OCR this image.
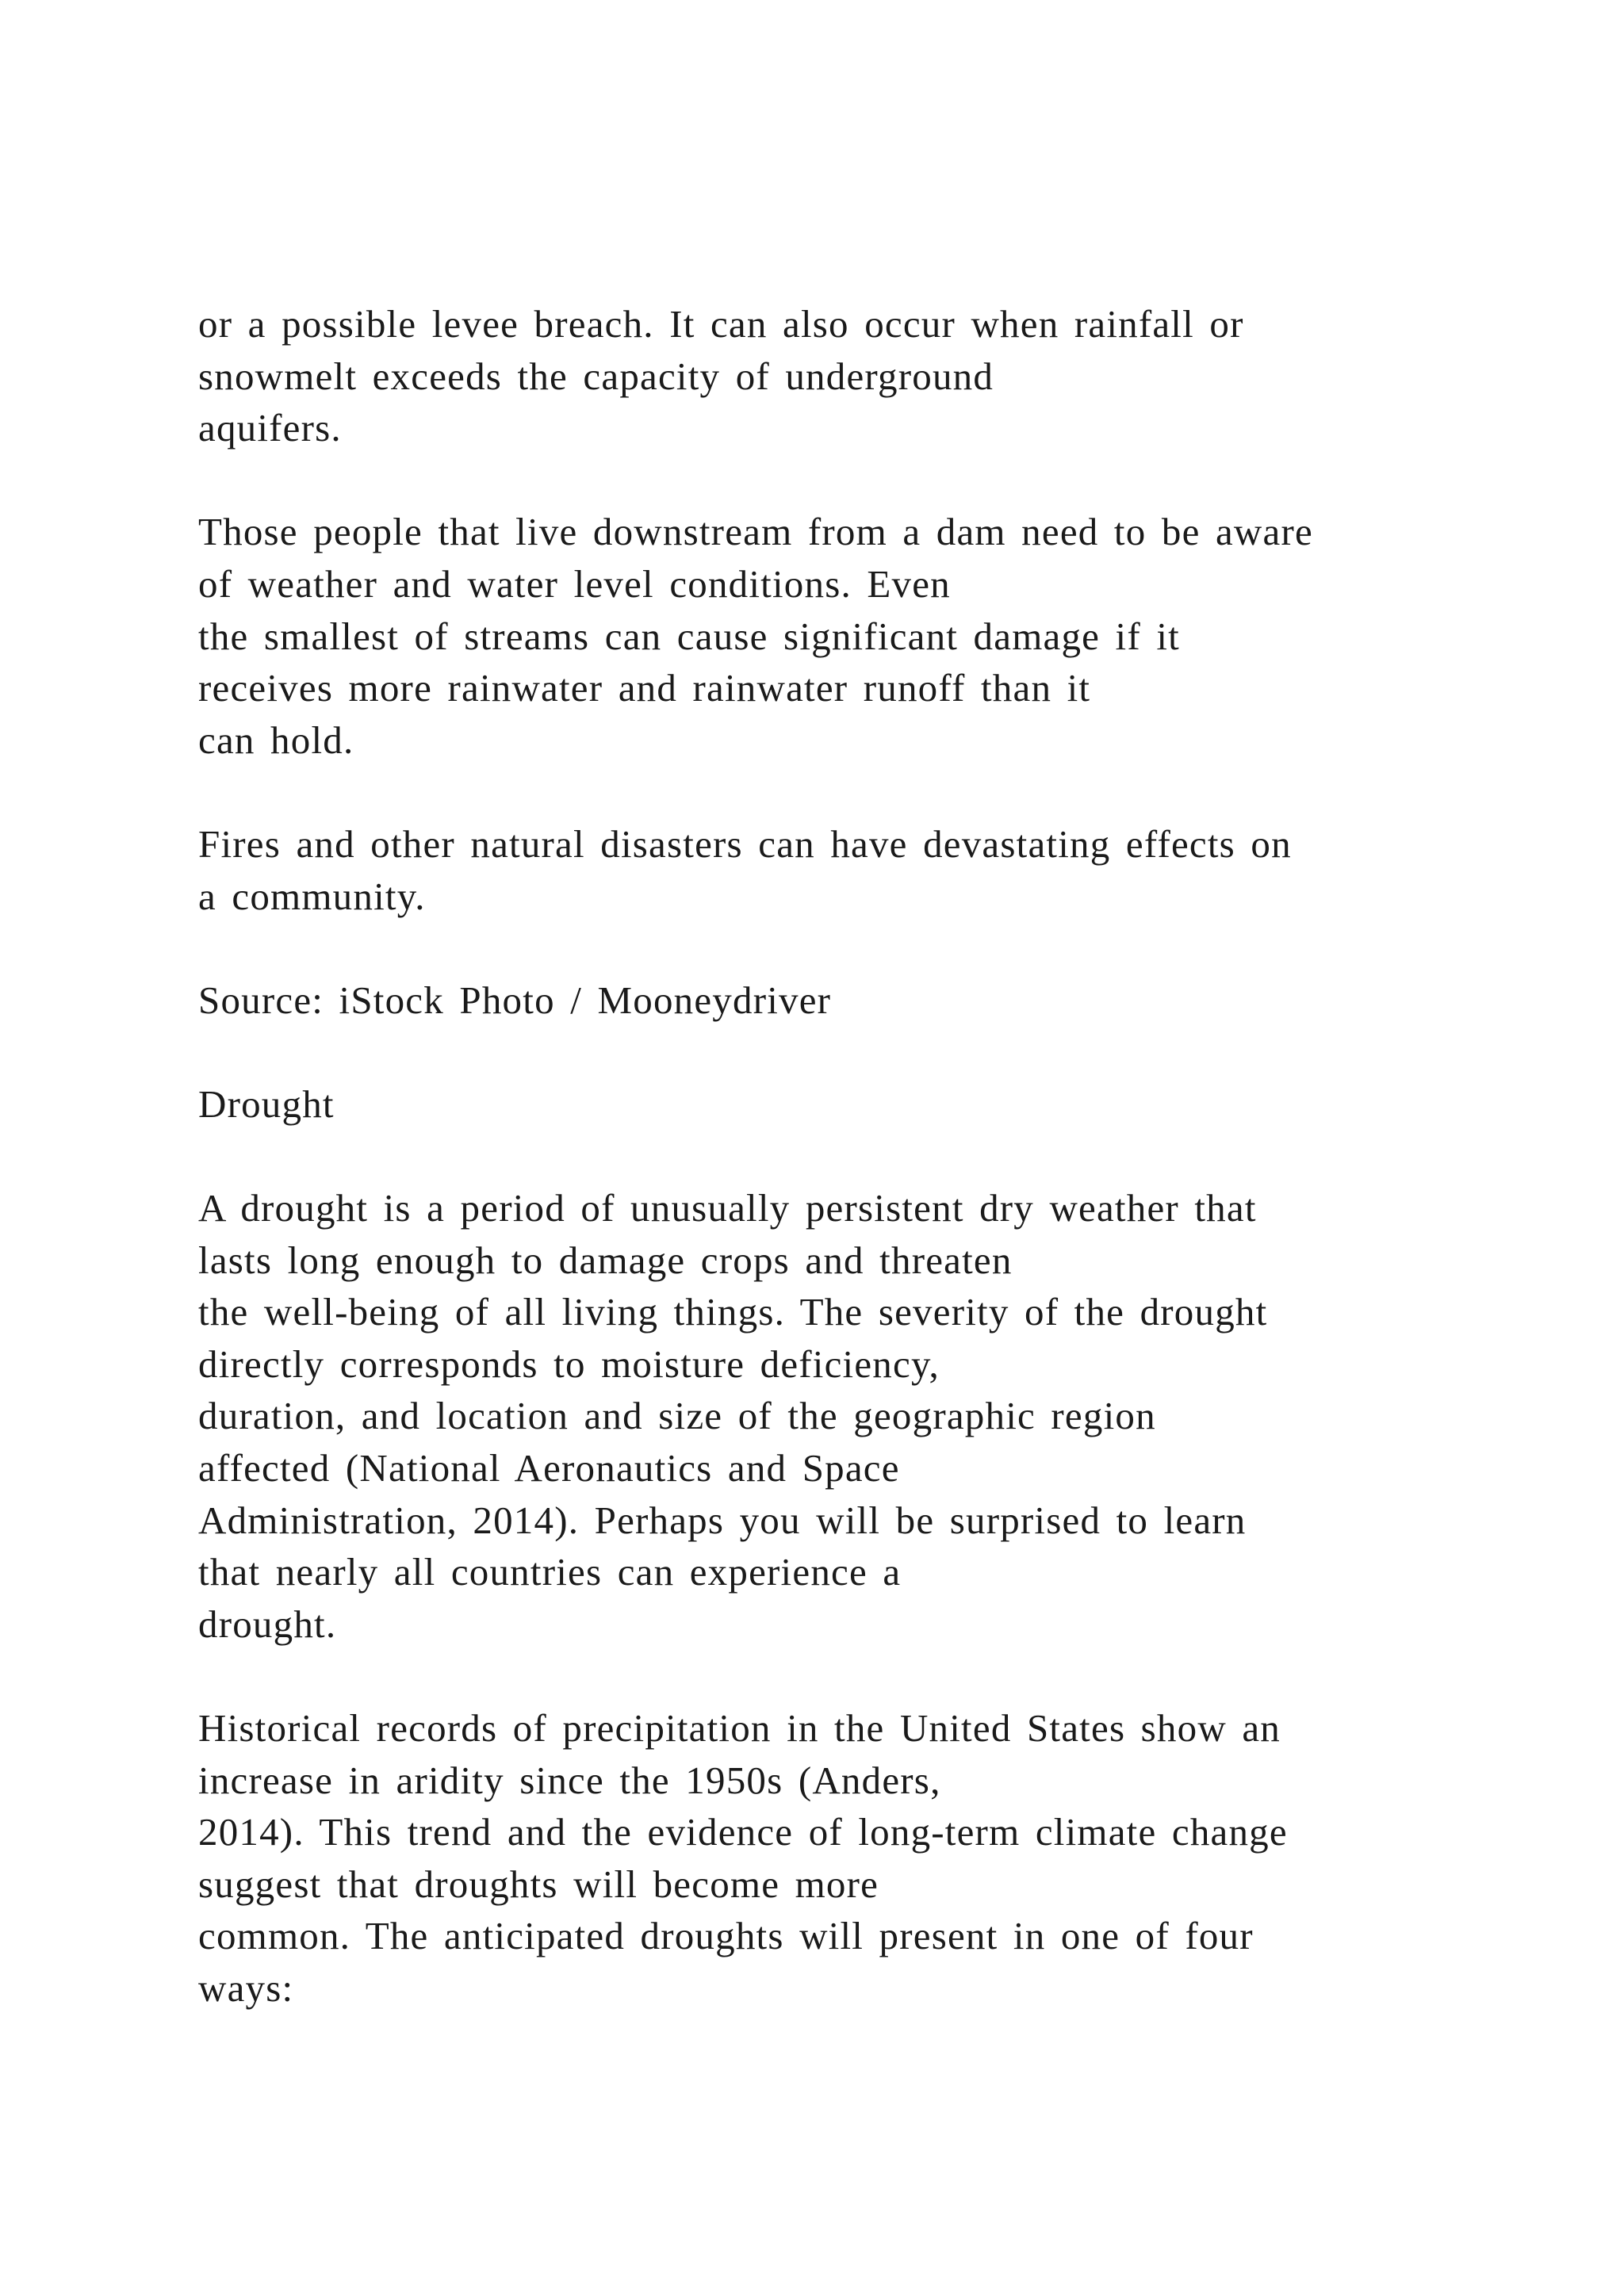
or a possible levee breach. It can also occur when rainfall or
snowmelt exceeds the capacity of underground
aquifers.
Those people that live downstream from a dam need to be aware
of weather and water level conditions. Even
the smallest of streams can cause significant damage if it
receives more rainwater and rainwater runoff than it
can hold.
Fires and other natural disasters can have devastating effects on
a community.
Source: iStock Photo / Mooneydriver
Drought
A drought is a period of unusually persistent dry weather that
lasts long enough to damage crops and threaten
the well-being of all living things. The severity of the drought
directly corresponds to moisture deficiency,
duration, and location and size of the geographic region
affected (National Aeronautics and Space
Administration, 2014). Perhaps you will be surprised to learn
that nearly all countries can experience a
drought.
Historical records of precipitation in the United States show an
increase in aridity since the 1950s (Anders,
2014). This trend and the evidence of long-term climate change
suggest that droughts will become more
common. The anticipated droughts will present in one of four
ways:
